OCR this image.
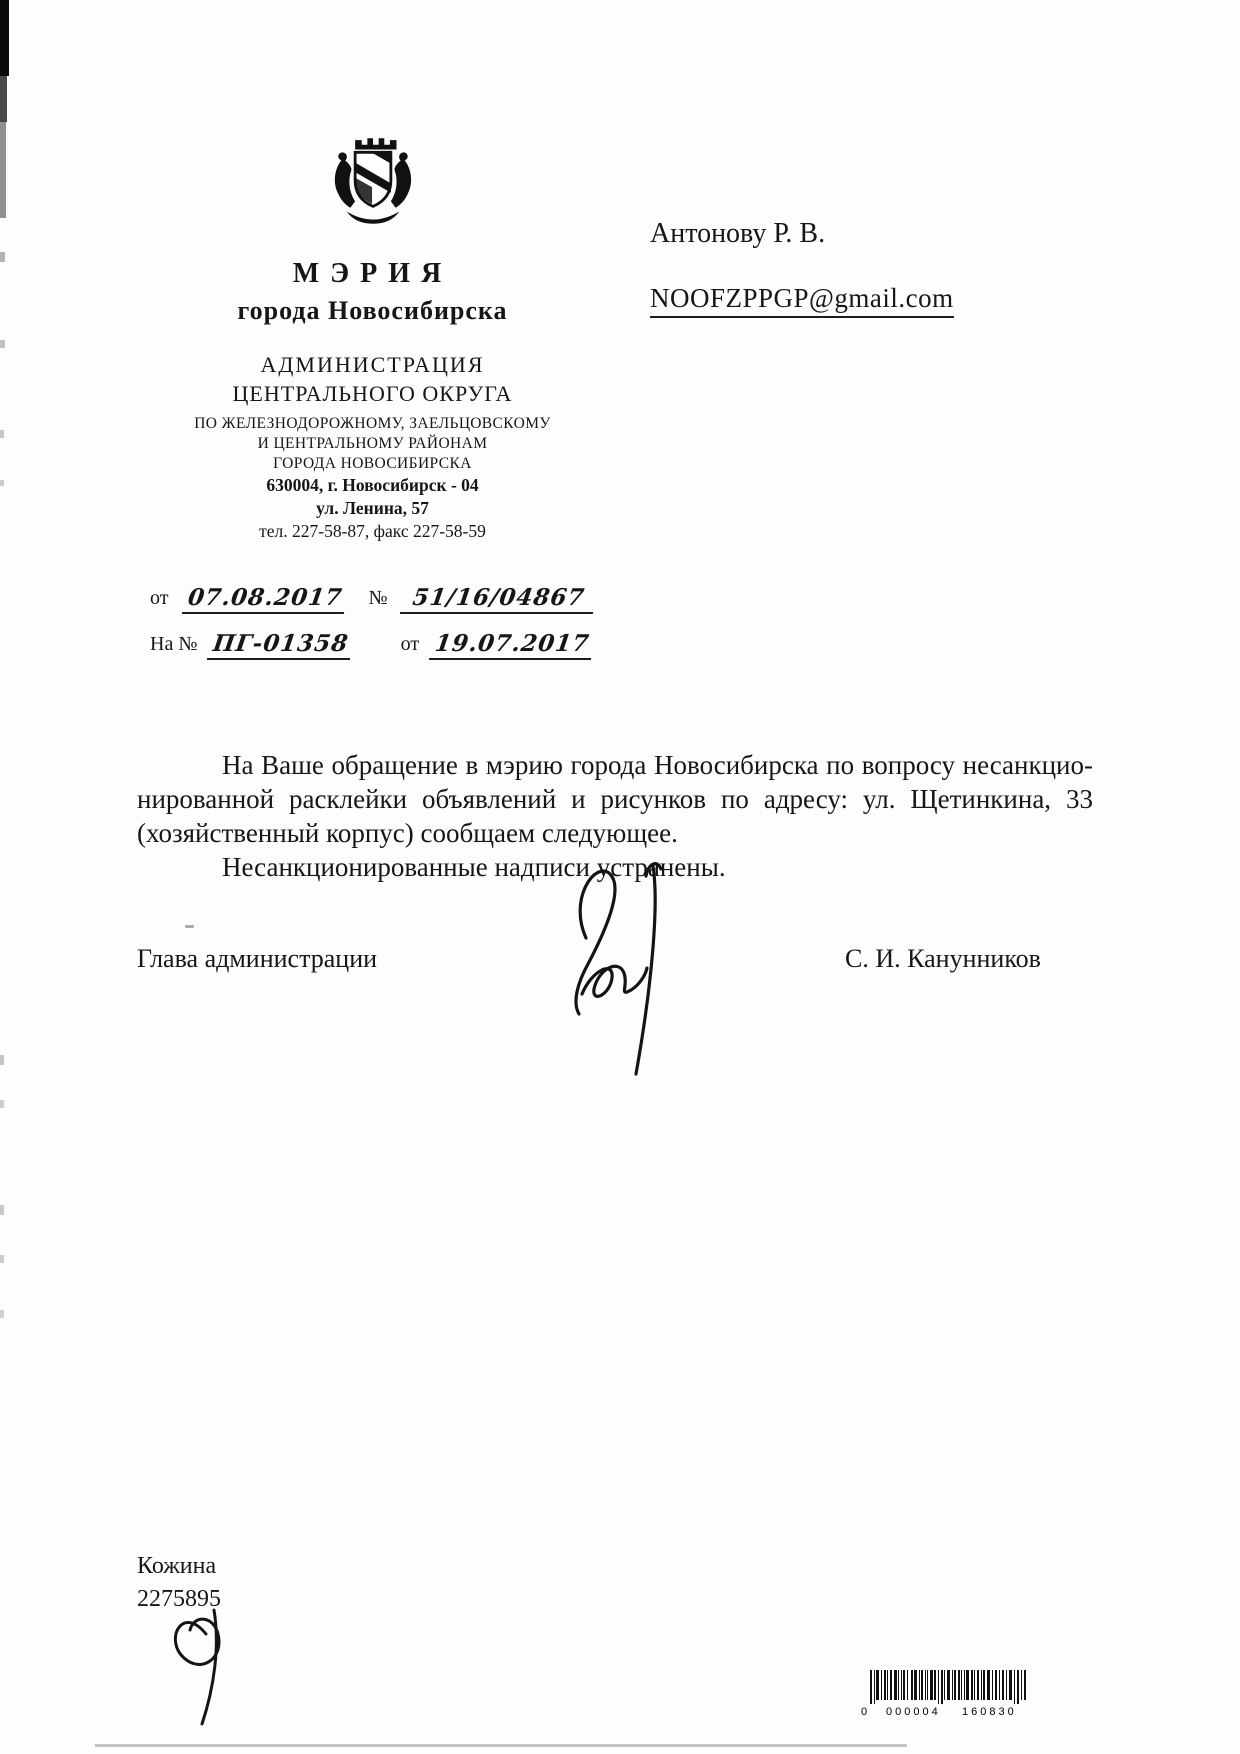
МЭРИЯ
города Новосибирска
АДМИНИСТРАЦИЯ
ЦЕНТРАЛЬНОГО ОКРУГА
ПО ЖЕЛЕЗНОДОРОЖНОМУ, ЗАЕЛЬЦОВСКОМУ
И ЦЕНТРАЛЬНОМУ РАЙОНАМ
ГОРОДА НОВОСИБИРСКА
630004, г. Новосибирск - 04
ул. Ленина, 57
тел. 227-58-87, факс 227-58-59
от 07.08.2017 № 51/16/04867
На № ПГ-01358 от 19.07.2017
Антонову Р. В.
NOOFZPPGP@gmail.com
На Ваше обращение в мэрию города Новосибирска по вопросу несанкцио-
нированной расклейки объявлений и рисунков по адресу: ул. Щетинкина, 33
(хозяйственный корпус) сообщаем следующее.
Несанкционированные надписи устранены.
Глава администрации	С. И. Канунников
Кожина
2275895
0 000004 160830
